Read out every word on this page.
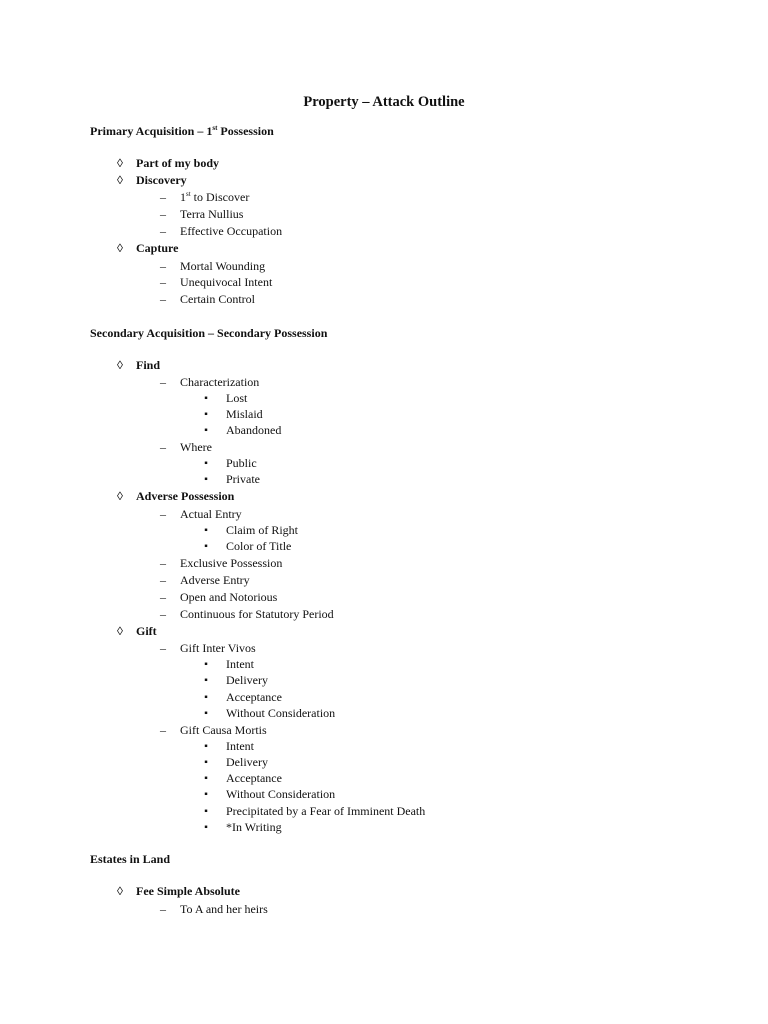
Property – Attack Outline
Primary Acquisition – 1st Possession
◊	Part of my body
◊	Discovery
– 1st to Discover
– Terra Nullius
– Effective Occupation
◊	Capture
– Mortal Wounding
– Unequivocal Intent
– Certain Control
Secondary Acquisition – Secondary Possession
◊	Find
– Characterization
▪ Lost
▪ Mislaid
▪ Abandoned
– Where
▪ Public
▪ Private
◊	Adverse Possession
– Actual Entry
▪ Claim of Right
▪ Color of Title
– Exclusive Possession
– Adverse Entry
– Open and Notorious
– Continuous for Statutory Period
◊	Gift
– Gift Inter Vivos
▪ Intent
▪ Delivery
▪ Acceptance
▪ Without Consideration
– Gift Causa Mortis
▪ Intent
▪ Delivery
▪ Acceptance
▪ Without Consideration
▪ Precipitated by a Fear of Imminent Death
▪ *In Writing
Estates in Land
◊	Fee Simple Absolute
– To A and her heirs
